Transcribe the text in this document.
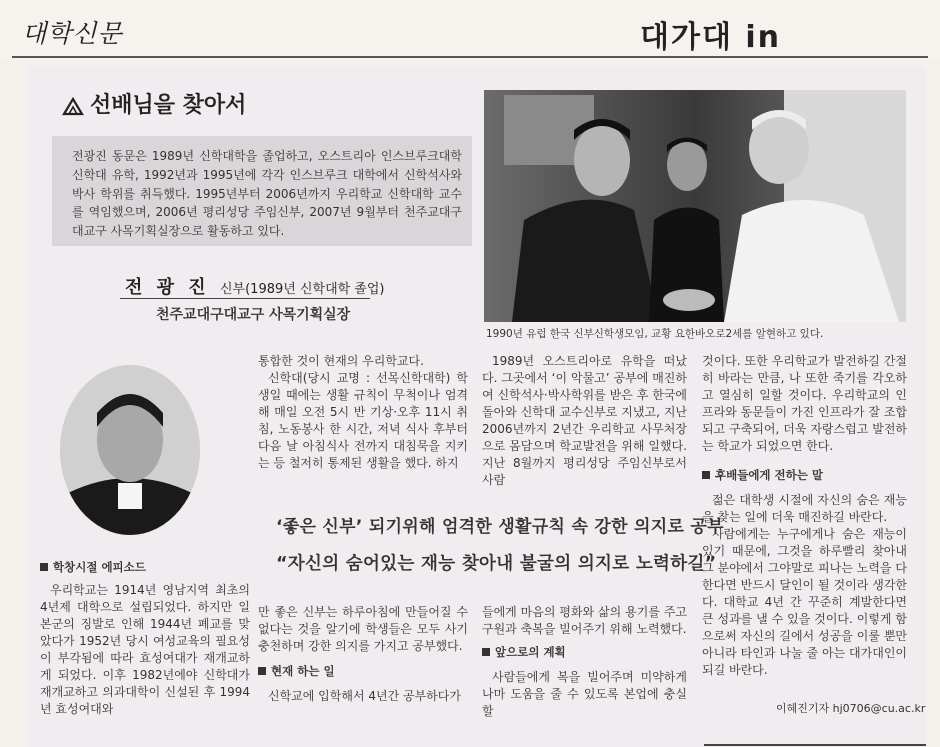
대학신문	대가대 in
선배님을 찾아서
전광진 동문은 1989년 신학대학을 졸업하고, 오스트리아 인스브루크대학 신학대 유학, 1992년과 1995년에 각각 인스브루크 대학에서 신학석사와 박사 학위를 취득했다. 1995년부터 2006년까지 우리학교 신학대학 교수를 역임했으며, 2006년 평리성당 주임신부, 2007년 9월부터 천주교대구대교구 사목기획실장으로 활동하고 있다.
전 광 진 신부(1989년 신학대학 졸업)
천주교대구대교구 사목기획실장
1990년 유럽 한국 신부신학생모임, 교황 요한바오로2세를 알현하고 있다.
학창시절 에피소드

우리학교는 1914년 영남지역 최초의 4년제 대학으로 설립되었다. 하지만 일본군의 징발로 인해 1944년 폐교를 맞았다가 1952년 당시 여성교육의 필요성이 부각됨에 따라 효성여대가 재개교하게 되었다. 이후 1982년에야 신학대가 재개교하고 의과대학이 신설된 후 1994년 효성여대와

통합한 것이 현재의 우리학교다.

신학대(당시 교명 : 선목신학대학) 학생일 때에는 생활 규칙이 무척이나 엄격해 매일 오전 5시 반 기상·오후 11시 취침, 노동봉사 한 시간, 저녁 식사 후부터 다음 날 아침식사 전까지 대침묵을 지키는 등 철저히 통제된 생활을 했다. 하지

1989년 오스트리아로 유학을 떠났다. 그곳에서 ‘이 악물고’ 공부에 매진하여 신학석사·박사학위를 받은 후 한국에 돌아와 신학대 교수신부로 지냈고, 지난 2006년까지 2년간 우리학교 사무처장으로 몸담으며 학교발전을 위해 일했다. 지난 8월까지 평리성당 주임신부로서 사람

것이다. 또한 우리학교가 발전하길 간절히 바라는 만큼, 나 또한 죽기를 각오하고 열심히 일할 것이다. 우리학교의 인프라와 동문들이 가진 인프라가 잘 조합되고 구축되어, 더욱 자랑스럽고 발전하는 학교가 되었으면 한다.

후배들에게 전하는 말

젊은 대학생 시절에 자신의 숨은 재능을 찾는 일에 더욱 매진하길 바란다.

사람에게는 누구에게나 숨은 재능이 있기 때문에, 그것을 하루빨리 찾아내 그 분야에서 그야말로 피나는 노력을 다한다면 반드시 달인이 될 것이라 생각한다. 대학교 4년 간 꾸준히 계발한다면 큰 성과를 낼 수 있을 것이다. 이렇게 함으로써 자신의 길에서 성공을 이룰 뿐만 아니라 타인과 나눌 줄 아는 대가대인이 되길 바란다.

‘좋은 신부’ 되기위해 엄격한 생활규칙 속 강한 의지로 공부
“자신의 숨어있는 재능 찾아내 불굴의 의지로 노력하길”

만 좋은 신부는 하루아침에 만들어질 수 없다는 것을 알기에 학생들은 모두 사기충천하며 강한 의지를 가지고 공부했다.

현재 하는 일

신학교에 입학해서 4년간 공부하다가

들에게 마음의 평화와 삶의 용기를 주고 구원과 축복을 빌어주기 위해 노력했다.

앞으로의 계획

사람들에게 복을 빌어주며 미약하게나마 도움을 줄 수 있도록 본업에 충실할	이혜진기자 hj0706@cu.ac.kr
